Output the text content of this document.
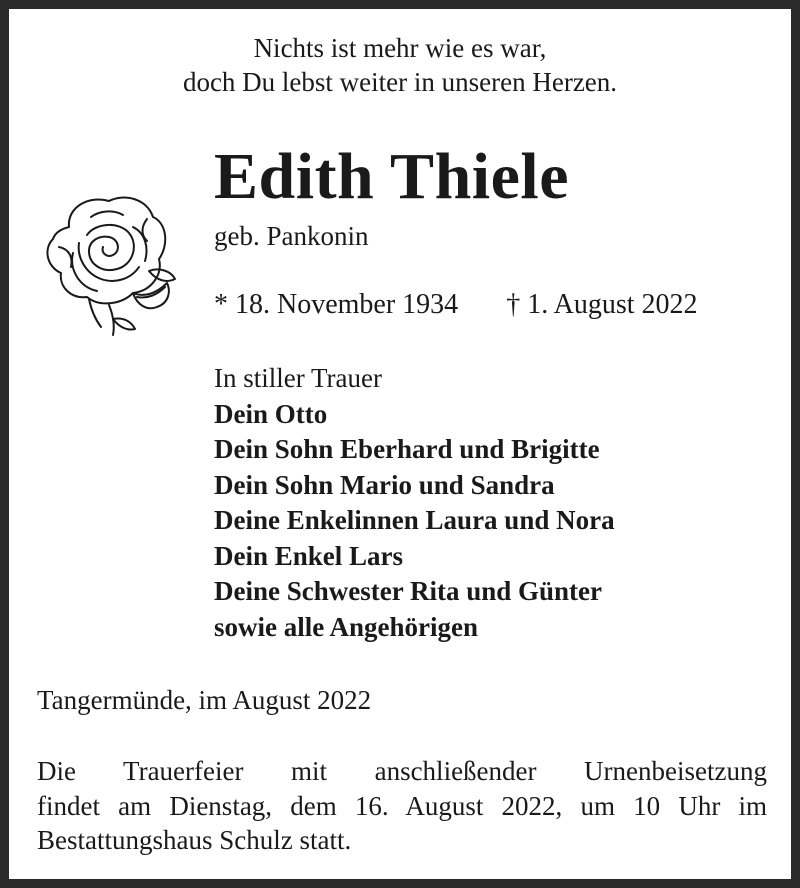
Nichts ist mehr wie es war,
doch Du lebst weiter in unseren Herzen.
Edith Thiele
geb. Pankonin
* 18. November 1934 † 1. August 2022
In stiller Trauer
Dein Otto
Dein Sohn Eberhard und Brigitte
Dein Sohn Mario und Sandra
Deine Enkelinnen Laura und Nora
Dein Enkel Lars
Deine Schwester Rita und Günter
sowie alle Angehörigen
Tangermünde, im August 2022
Die Trauerfeier mit anschließender Urnenbeisetzung
findet am Dienstag, dem 16. August 2022, um 10 Uhr im
Bestattungshaus Schulz statt.
